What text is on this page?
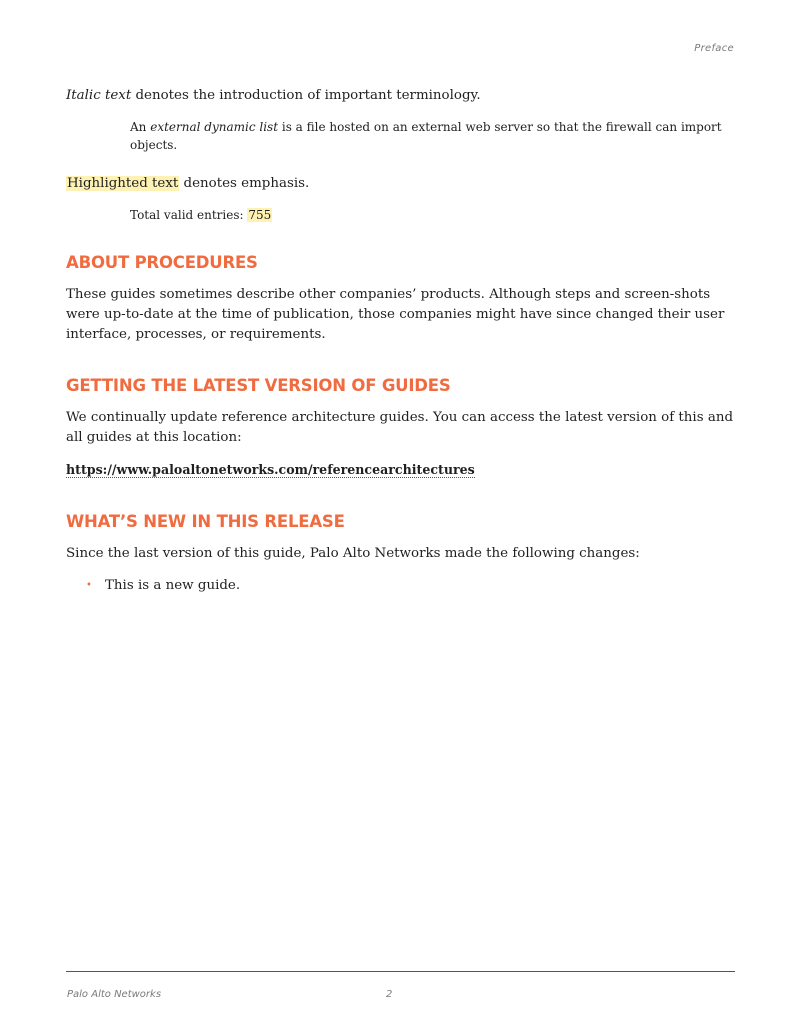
Preface

Italic text denotes the introduction of important terminology.

An external dynamic list is a file hosted on an external web server so that the firewall can import objects.

Highlighted text denotes emphasis.

Total valid entries: 755

ABOUT PROCEDURES

These guides sometimes describe other companies’ products. Although steps and screen-shots were up-to-date at the time of publication, those companies might have since changed their user interface, processes, or requirements.

GETTING THE LATEST VERSION OF GUIDES

We continually update reference architecture guides. You can access the latest version of this and all guides at this location:

https://www.paloaltonetworks.com/referencearchitectures

WHAT’S NEW IN THIS RELEASE

Since the last version of this guide, Palo Alto Networks made the following changes:

• This is a new guide.
Palo Alto Networks	2
